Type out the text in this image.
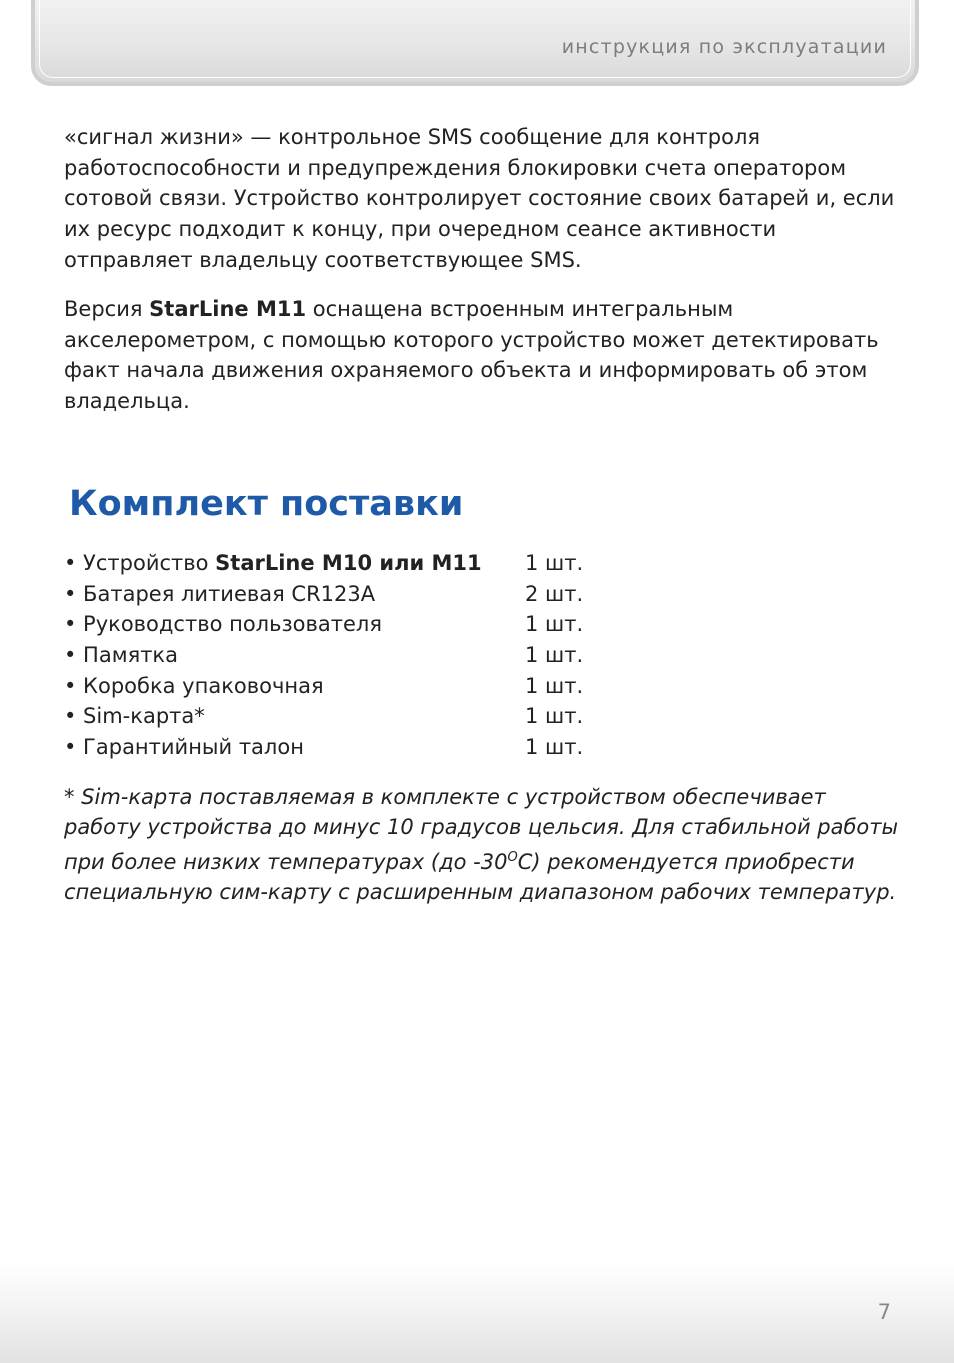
инструкция по эксплуатации

«сигнал жизни» — контрольное SMS сообщение для контроля работоспособности и предупреждения блокировки счета оператором сотовой связи. Устройство контролирует состояние своих батарей и, если их ресурс подходит к концу, при очередном сеансе активности отправляет владельцу соответствующее SMS.

Версия StarLine M11 оснащена встроенным интегральным акселерометром, с помощью которого устройство может детектировать факт начала движения охраняемого объекта и информировать об этом владельца.

Комплект поставки
• Устройство StarLine M10 или M11 1 шт.
• Батарея литиевая CR123A	2 шт.
• Руководство пользователя	1 шт.
• Памятка	1 шт.
• Коробка упаковочная	1 шт.
• Sim-карта*	1 шт.
• Гарантийный талон	1 шт.

* Sim-карта поставляемая в комплекте с устройством обеспечивает работу устройства до минус 10 градусов цельсия. Для стабильной работы при более низких температурах (до $-30^OС$) рекомендуется приобрести специальную сим-карту с расширенным диапазоном рабочих температур.

7
